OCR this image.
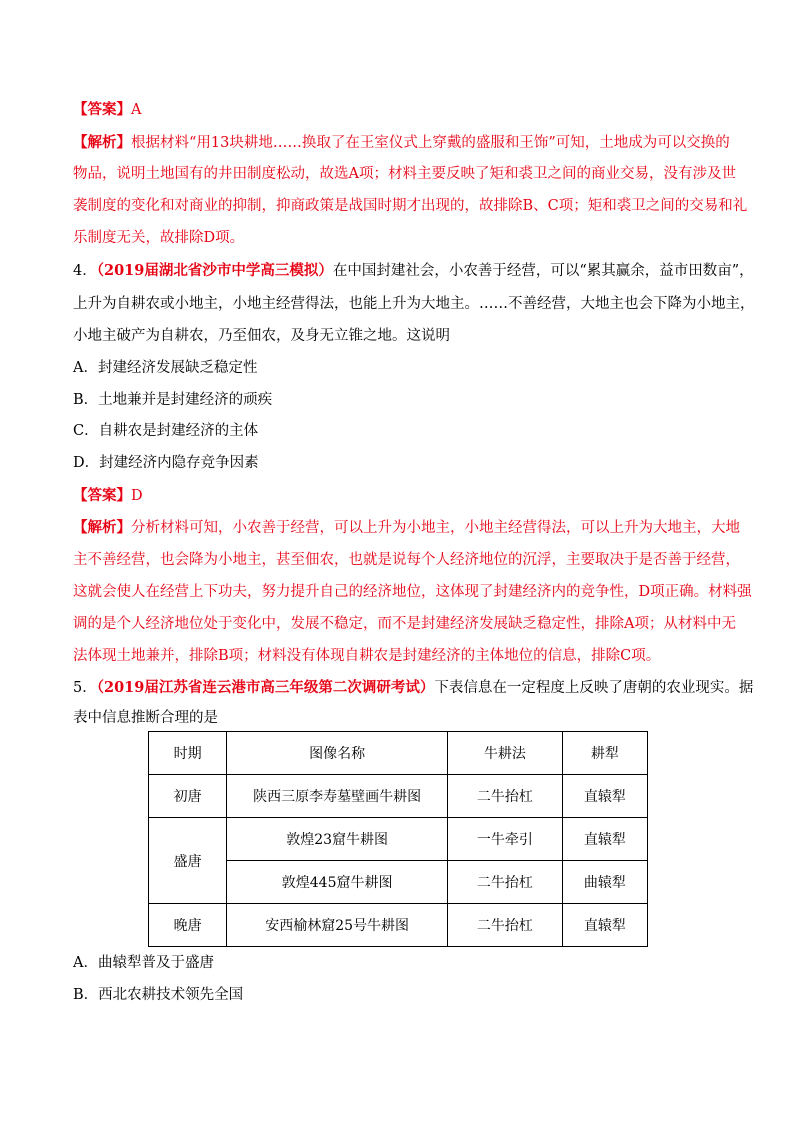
【答案】A
【解析】根据材料“用13块耕地……换取了在王室仪式上穿戴的盛服和王饰”可知，土地成为可以交换的
物品，说明土地国有的井田制度松动，故选A项；材料主要反映了矩和裘卫之间的商业交易，没有涉及世
袭制度的变化和对商业的抑制，抑商政策是战国时期才出现的，故排除B、C项；矩和裘卫之间的交易和礼
乐制度无关，故排除D项。
4．（2019届湖北省沙市中学高三模拟）在中国封建社会，小农善于经营，可以“累其赢余，益市田数亩”，
上升为自耕农或小地主，小地主经营得法，也能上升为大地主。……不善经营，大地主也会下降为小地主，
小地主破产为自耕农，乃至佃农，及身无立锥之地。这说明
A．封建经济发展缺乏稳定性
B．土地兼并是封建经济的顽疾
C．自耕农是封建经济的主体
D．封建经济内隐存竞争因素
【答案】D
【解析】分析材料可知，小农善于经营，可以上升为小地主，小地主经营得法，可以上升为大地主，大地
主不善经营，也会降为小地主，甚至佃农，也就是说每个人经济地位的沉浮，主要取决于是否善于经营，
这就会使人在经营上下功夫，努力提升自己的经济地位，这体现了封建经济内的竞争性，D项正确。材料强
调的是个人经济地位处于变化中，发展不稳定，而不是封建经济发展缺乏稳定性，排除A项；从材料中无
法体现土地兼并，排除B项；材料没有体现自耕农是封建经济的主体地位的信息，排除C项。
5．（2019届江苏省连云港市高三年级第二次调研考试）下表信息在一定程度上反映了唐朝的农业现实。据
表中信息推断合理的是
时期	图像名称	牛耕法	耕犁
初唐	陕西三原李寿墓壁画牛耕图	二牛抬杠	直辕犁
盛唐	敦煌23窟牛耕图	一牛牵引	直辕犁
	敦煌445窟牛耕图	二牛抬杠	曲辕犁
晚唐	安西榆林窟25号牛耕图	二牛抬杠	直辕犁
A．曲辕犁普及于盛唐
B．西北农耕技术领先全国
